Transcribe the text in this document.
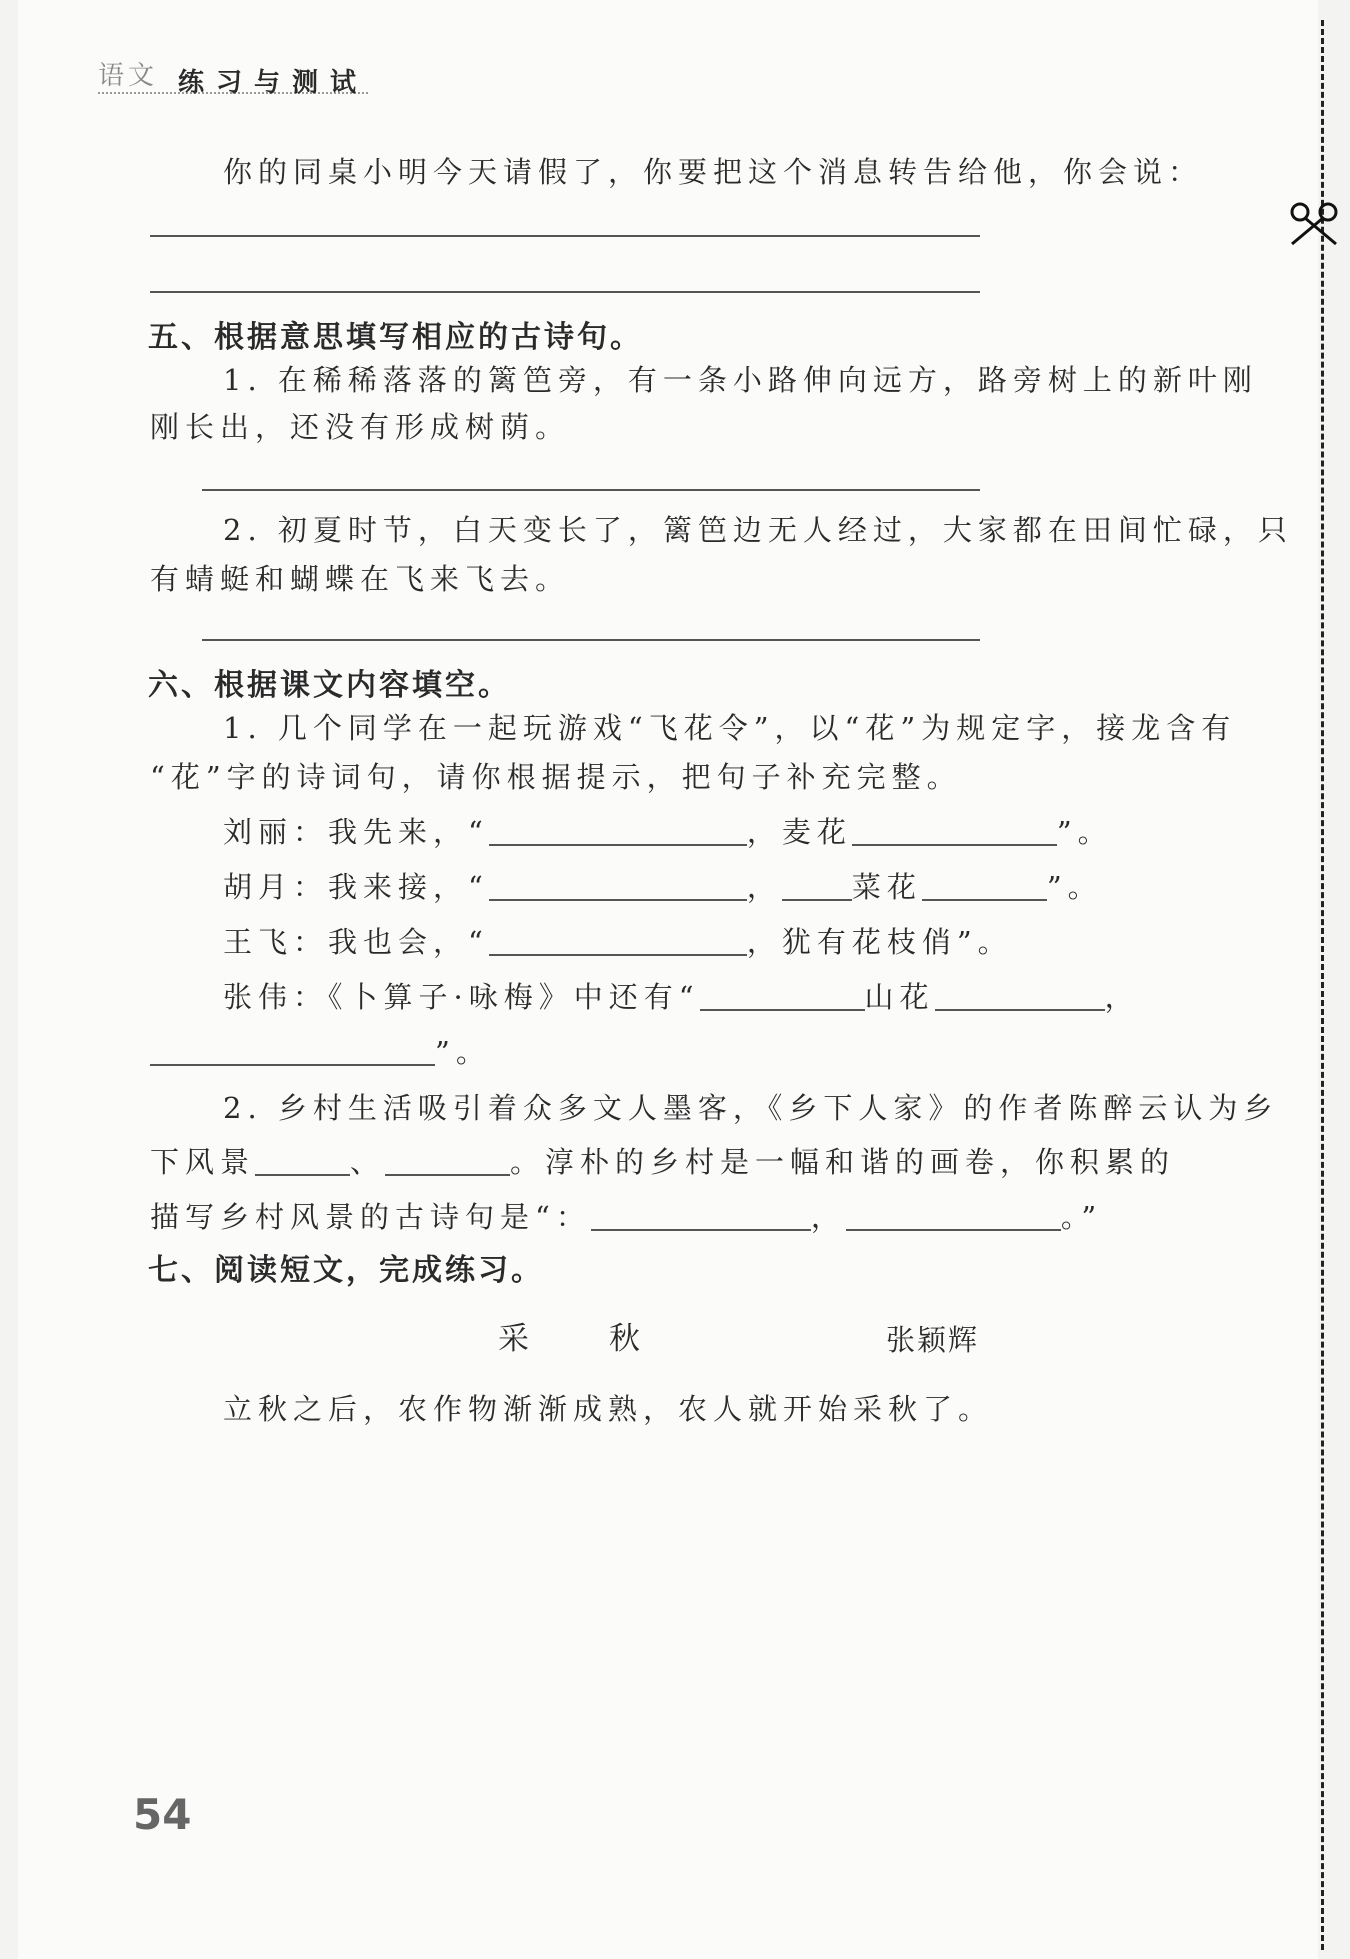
语文 练习与测试
你的同桌小明今天请假了，你要把这个消息转告给他，你会说：
五、根据意思填写相应的古诗句。
1. 在稀稀落落的篱笆旁，有一条小路伸向远方，路旁树上的新叶刚
刚长出，还没有形成树荫。
2. 初夏时节，白天变长了，篱笆边无人经过，大家都在田间忙碌，只
有蜻蜓和蝴蝶在飞来飞去。
六、根据课文内容填空。
1. 几个同学在一起玩游戏“飞花令”，以“花”为规定字，接龙含有
“花”字的诗词句，请你根据提示，把句子补充完整。
刘丽：我先来，“	，麦花	”。
胡月：我来接，“	， 菜花	”。
王飞：我也会，“	，犹有花枝俏”。
张伟：《卜算子·咏梅》中还有“	山花	，
”。
2. 乡村生活吸引着众多文人墨客，《乡下人家》的作者陈醉云认为乡
下风景	、	。淳朴的乡村是一幅和谐的画卷，你积累的
描写乡村风景的古诗句是“：	，	。”
七、阅读短文，完成练习。
采　　秋	张颖辉
立秋之后，农作物渐渐成熟，农人就开始采秋了。
54
